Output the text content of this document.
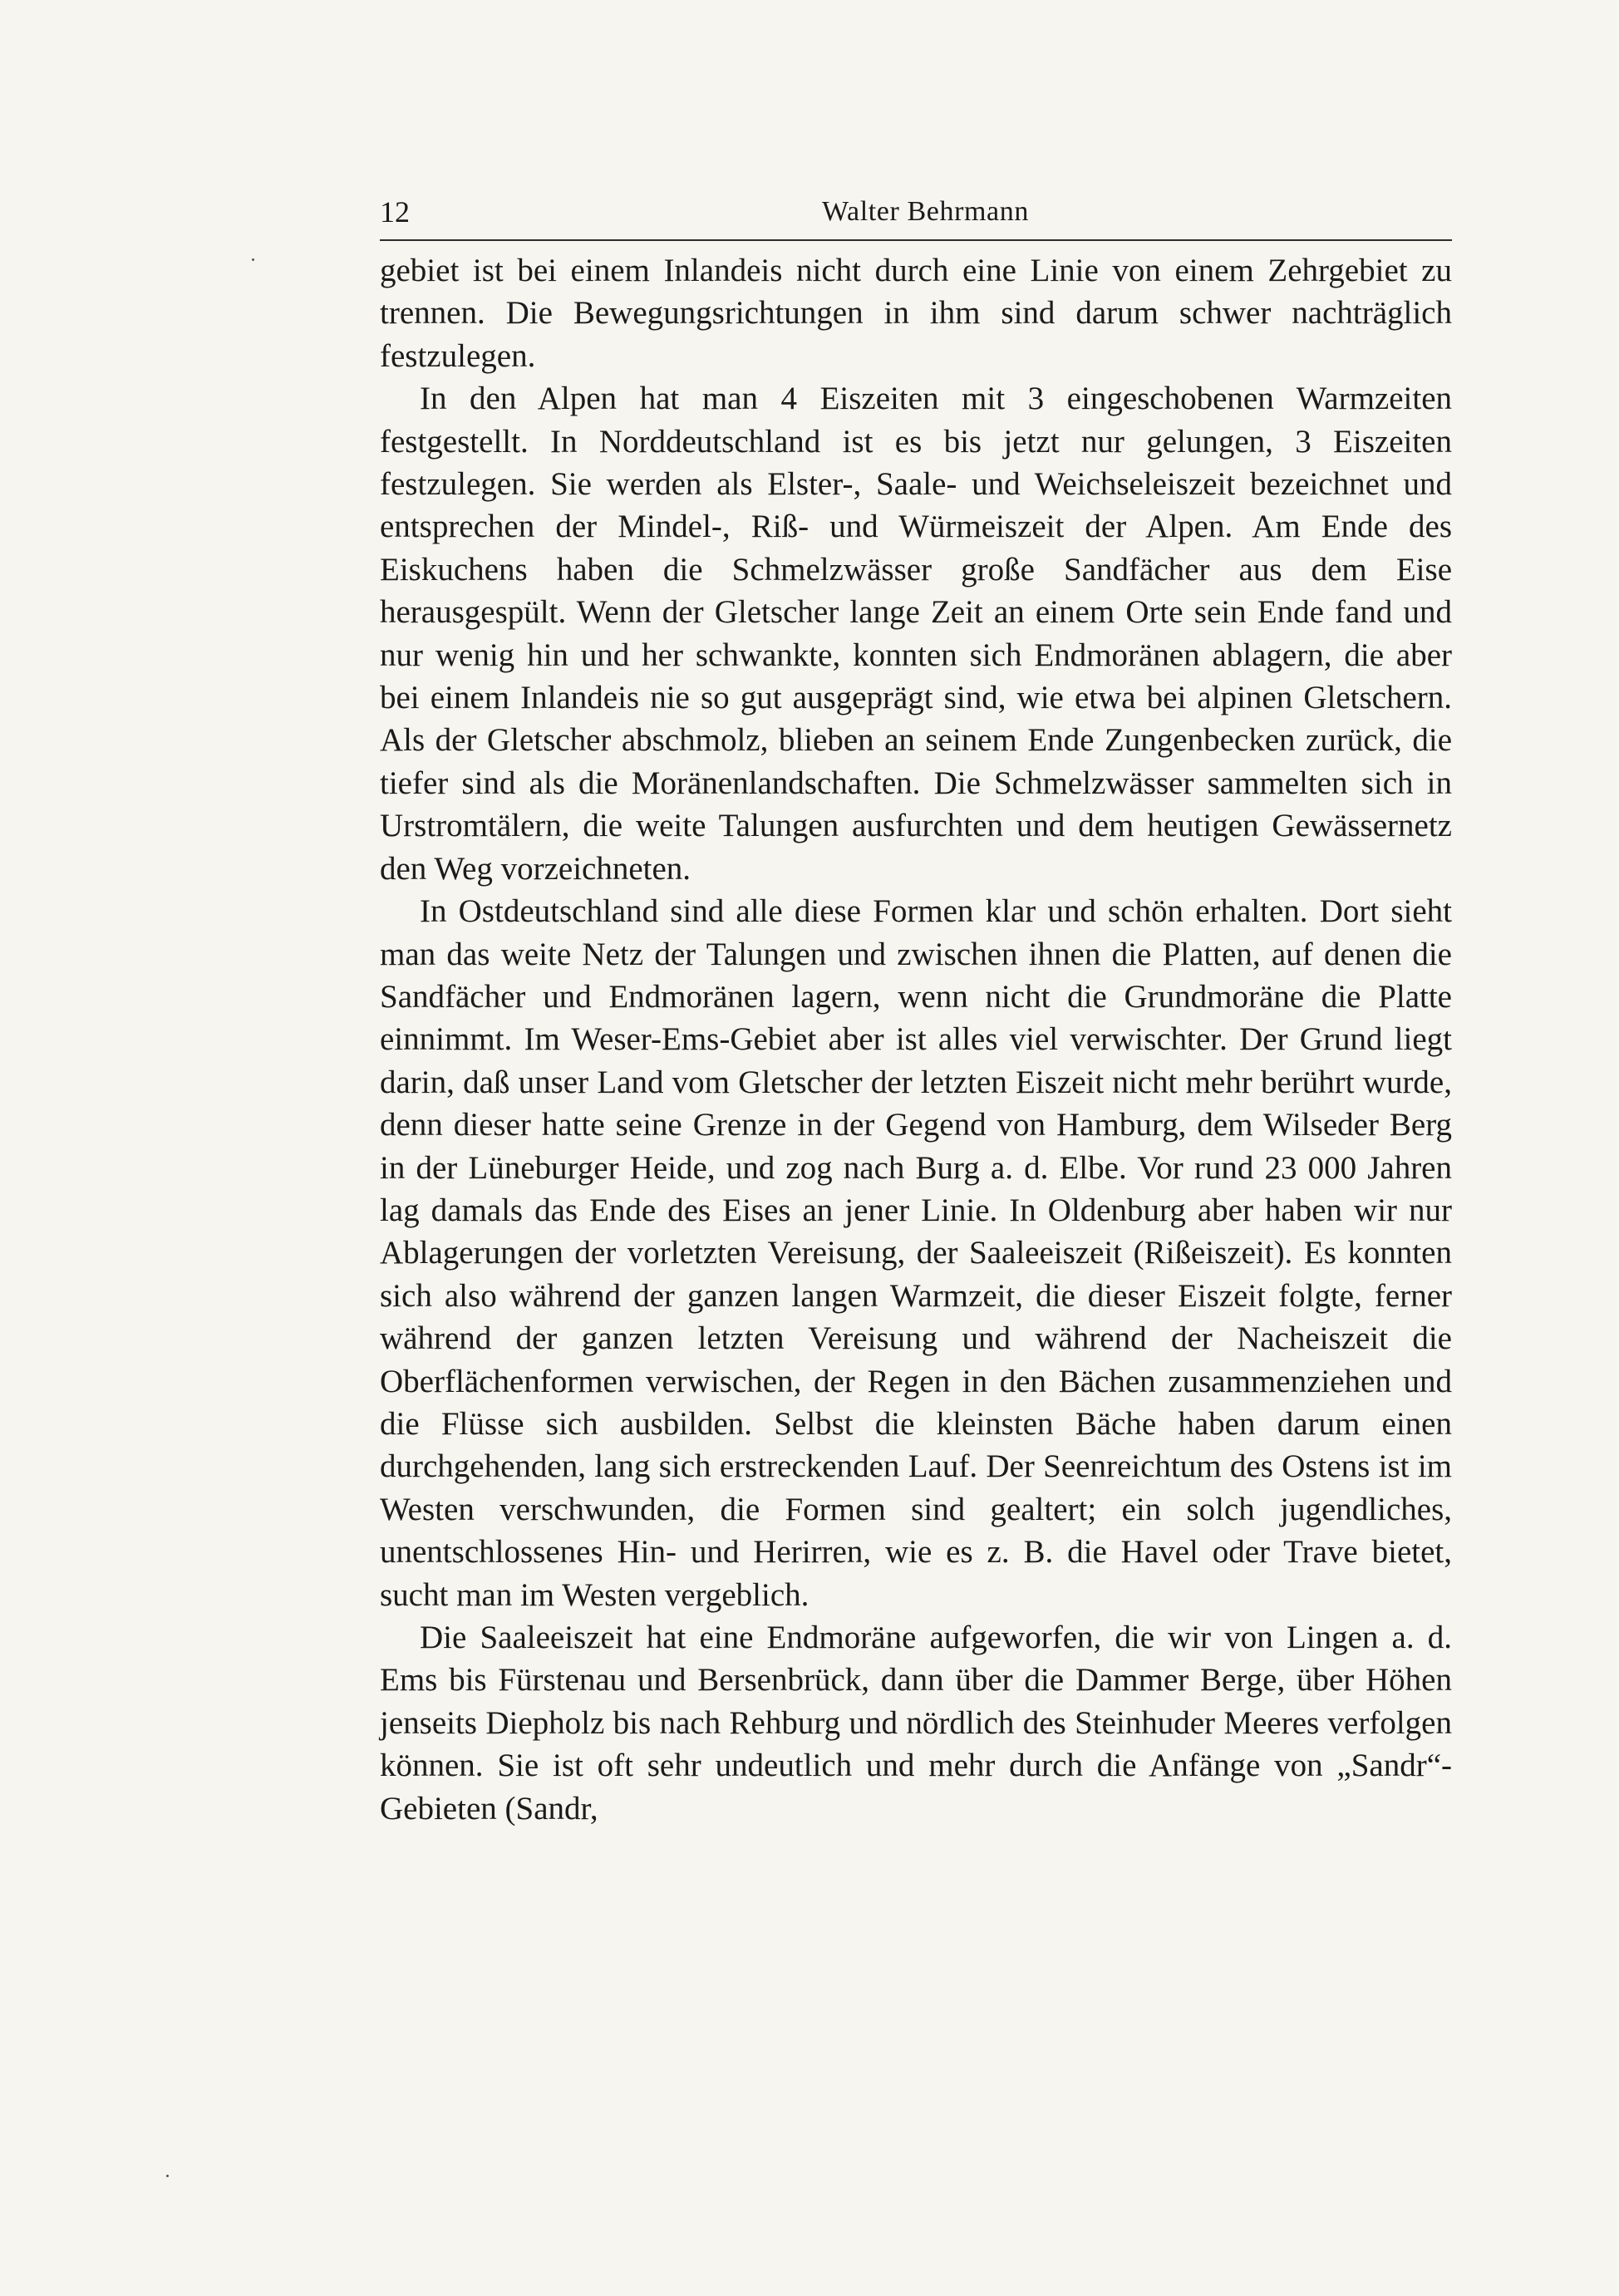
12	Walter Behrmann

gebiet ist bei einem Inlandeis nicht durch eine Linie von einem Zehrgebiet zu trennen. Die Bewegungsrichtungen in ihm sind darum schwer nachträglich festzulegen.

In den Alpen hat man 4 Eiszeiten mit 3 eingeschobenen Warmzeiten festgestellt. In Norddeutschland ist es bis jetzt nur gelungen, 3 Eiszeiten festzulegen. Sie werden als Elster-, Saale- und Weichseleiszeit bezeichnet und entsprechen der Mindel-, Riß- und Würmeiszeit der Alpen. Am Ende des Eiskuchens haben die Schmelzwässer große Sandfächer aus dem Eise herausgespült. Wenn der Gletscher lange Zeit an einem Orte sein Ende fand und nur wenig hin und her schwankte, konnten sich Endmoränen ablagern, die aber bei einem Inlandeis nie so gut ausgeprägt sind, wie etwa bei alpinen Gletschern. Als der Gletscher abschmolz, blieben an seinem Ende Zungenbecken zurück, die tiefer sind als die Moränenlandschaften. Die Schmelzwässer sammelten sich in Urstromtälern, die weite Talungen ausfurchten und dem heutigen Gewässernetz den Weg vorzeichneten.

In Ostdeutschland sind alle diese Formen klar und schön erhalten. Dort sieht man das weite Netz der Talungen und zwischen ihnen die Platten, auf denen die Sandfächer und Endmoränen lagern, wenn nicht die Grundmoräne die Platte einnimmt. Im Weser-Ems-Gebiet aber ist alles viel verwischter. Der Grund liegt darin, daß unser Land vom Gletscher der letzten Eiszeit nicht mehr berührt wurde, denn dieser hatte seine Grenze in der Gegend von Hamburg, dem Wilseder Berg in der Lüneburger Heide, und zog nach Burg a. d. Elbe. Vor rund 23 000 Jahren lag damals das Ende des Eises an jener Linie. In Oldenburg aber haben wir nur Ablagerungen der vorletzten Vereisung, der Saaleeiszeit (Rißeiszeit). Es konnten sich also während der ganzen langen Warmzeit, die dieser Eiszeit folgte, ferner während der ganzen letzten Vereisung und während der Nacheiszeit die Oberflächenformen verwischen, der Regen in den Bächen zusammenziehen und die Flüsse sich ausbilden. Selbst die kleinsten Bäche haben darum einen durchgehenden, lang sich erstreckenden Lauf. Der Seenreichtum des Ostens ist im Westen verschwunden, die Formen sind gealtert; ein solch jugendliches, unentschlossenes Hin- und Herirren, wie es z. B. die Havel oder Trave bietet, sucht man im Westen vergeblich.

Die Saaleeiszeit hat eine Endmoräne aufgeworfen, die wir von Lingen a. d. Ems bis Fürstenau und Bersenbrück, dann über die Dammer Berge, über Höhen jenseits Diepholz bis nach Rehburg und nördlich des Steinhuder Meeres verfolgen können. Sie ist oft sehr undeutlich und mehr durch die Anfänge von „Sandr“-Gebieten (Sandr,
